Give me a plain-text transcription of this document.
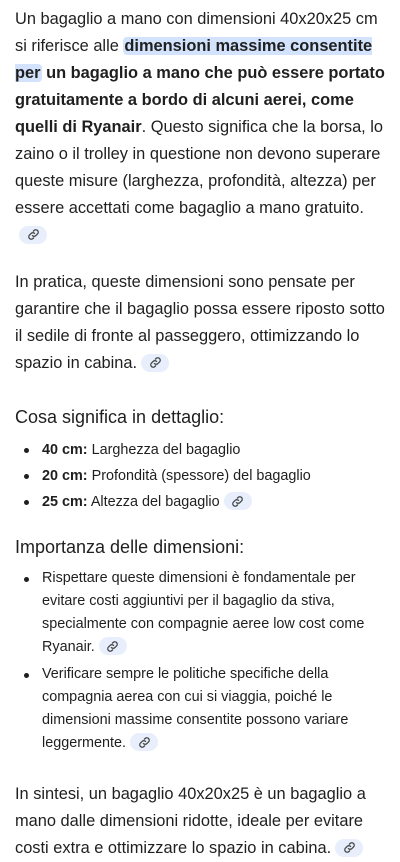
Un bagaglio a mano con dimensioni 40x20x25 cm si riferisce alle dimensioni massime consentite per un bagaglio a mano che può essere portato gratuitamente a bordo di alcuni aerei, come quelli di Ryanair. Questo significa che la borsa, lo zaino o il trolley in questione non devono superare queste misure (larghezza, profondità, altezza) per essere accettati come bagaglio a mano gratuito.

In pratica, queste dimensioni sono pensate per garantire che il bagaglio possa essere riposto sotto il sedile di fronte al passeggero, ottimizzando lo spazio in cabina.

Cosa significa in dettaglio:
40 cm: Larghezza del bagaglio
20 cm: Profondità (spessore) del bagaglio
25 cm: Altezza del bagaglio
Importanza delle dimensioni:
Rispettare queste dimensioni è fondamentale per evitare costi aggiuntivi per il bagaglio da stiva, specialmente con compagnie aeree low cost come Ryanair.
Verificare sempre le politiche specifiche della compagnia aerea con cui si viaggia, poiché le dimensioni massime consentite possono variare leggermente.

In sintesi, un bagaglio 40x20x25 è un bagaglio a mano dalle dimensioni ridotte, ideale per evitare costi extra e ottimizzare lo spazio in cabina.
